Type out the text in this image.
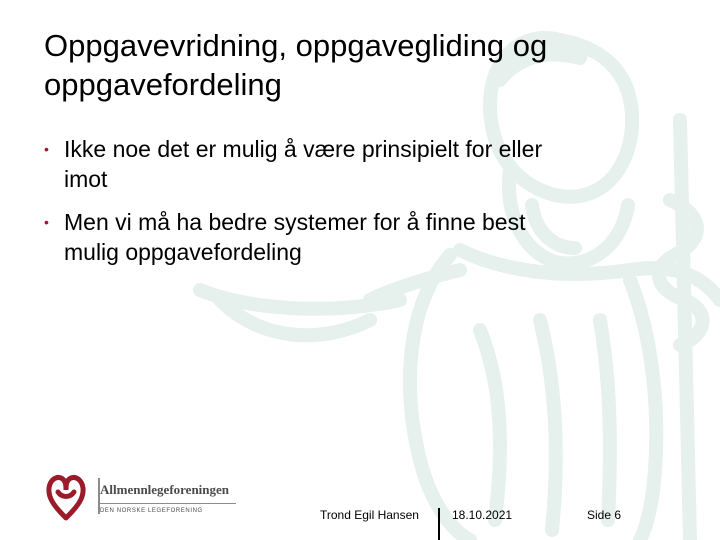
Oppgavevridning, oppgavegliding og
oppgavefordeling
• Ikke noe det er mulig å være prinsipielt for eller
imot
• Men vi må ha bedre systemer for å finne best
mulig oppgavefordeling
Allmennlegeforeningen
DEN NORSKE LEGEFORENING	Trond Egil Hansen	18.10.2021	Side 6
